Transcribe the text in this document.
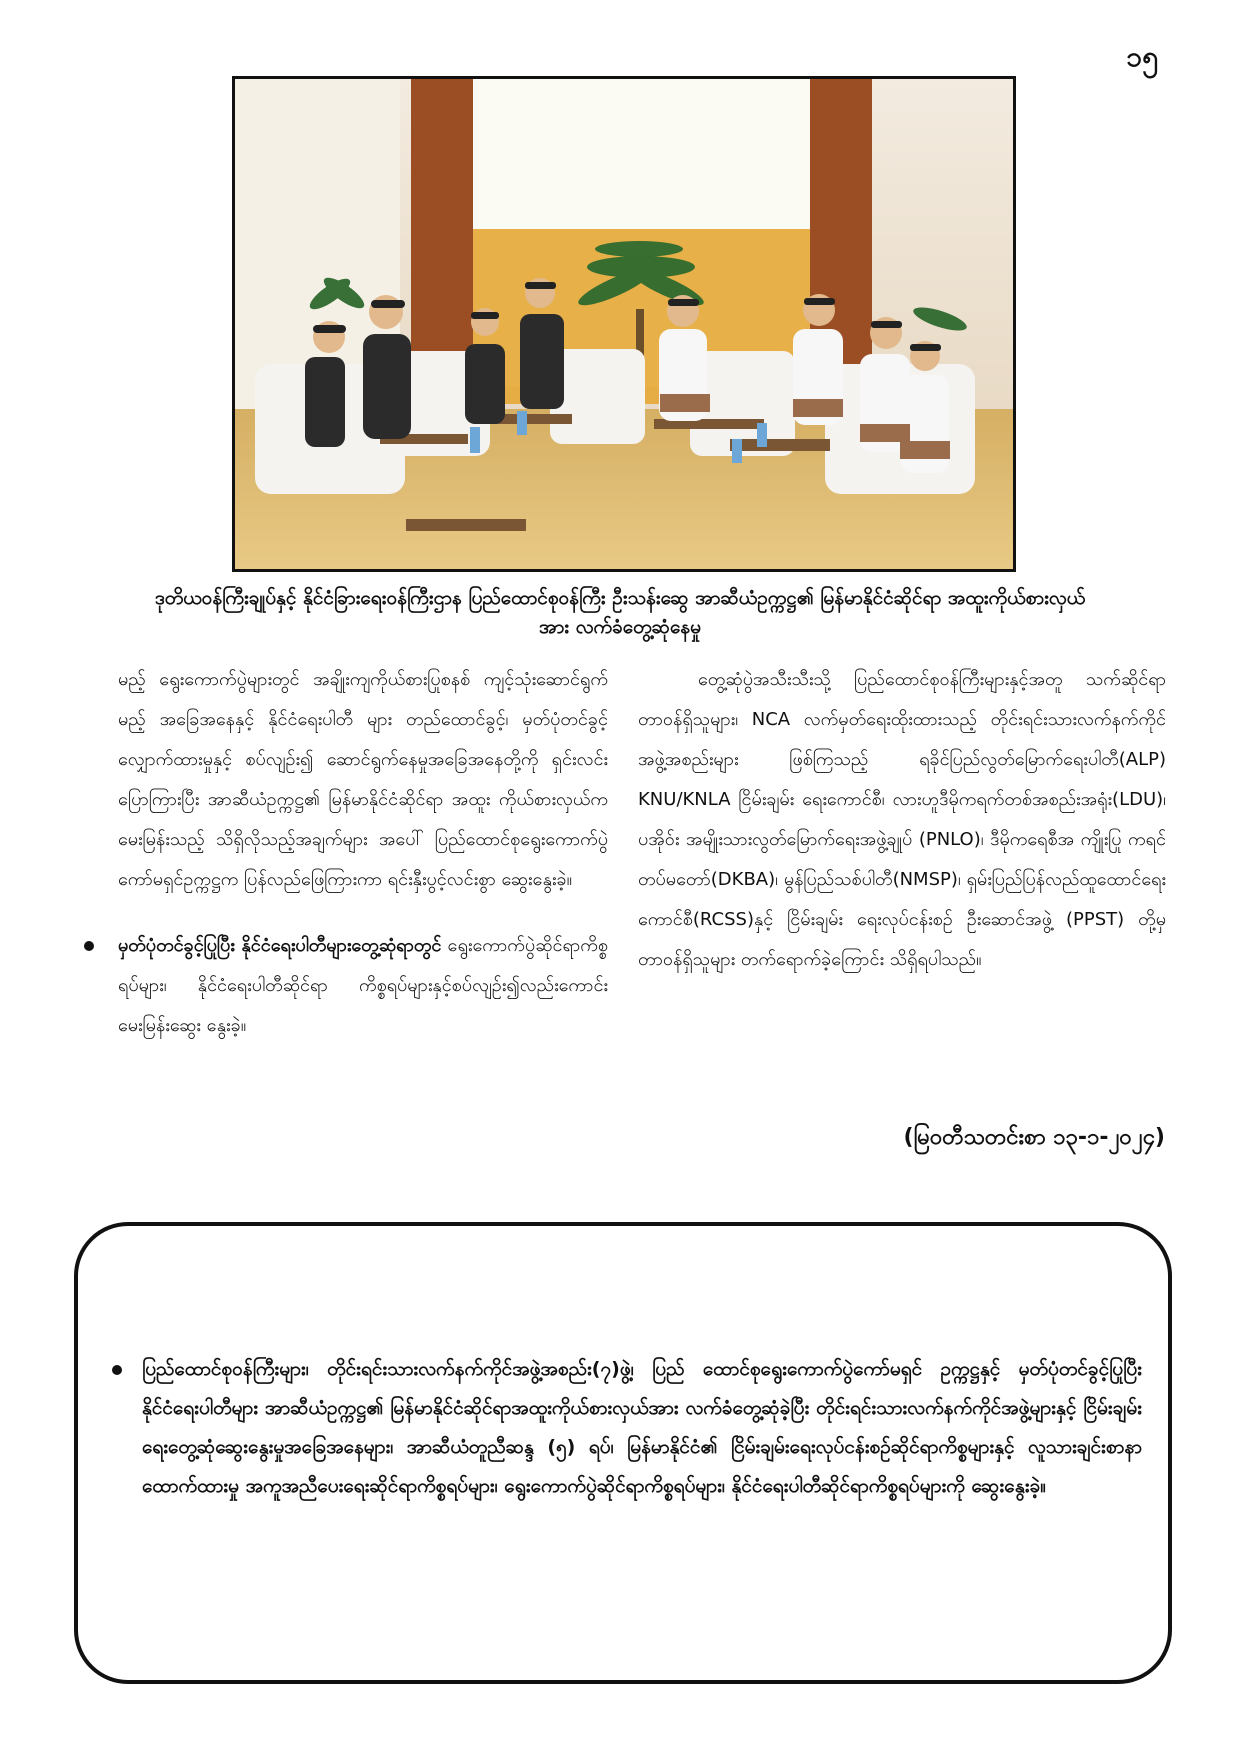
၁၅
ဒုတိယဝန်ကြီးချုပ်နှင့် နိုင်ငံခြားရေးဝန်ကြီးဌာန ပြည်ထောင်စုဝန်ကြီး ဦးသန်းဆွေ အာဆီယံဥက္ကဋ္ဌ၏ မြန်မာနိုင်ငံဆိုင်ရာ အထူးကိုယ်စားလှယ်အား လက်ခံတွေ့ဆုံနေမှု

မည့် ရွေးကောက်ပွဲများတွင် အချိုးကျကိုယ်စားပြုစနစ် ကျင့်သုံးဆောင်ရွက်မည့် အခြေအနေနှင့် နိုင်ငံရေးပါတီ များ တည်ထောင်ခွင့်၊ မှတ်ပုံတင်ခွင့်လျှောက်ထားမှုနှင့် စပ်လျဉ်း၍ ဆောင်ရွက်နေမှုအခြေအနေတို့ကို ရှင်းလင်း ပြောကြားပြီး အာဆီယံဥက္ကဋ္ဌ၏ မြန်မာနိုင်ငံဆိုင်ရာ အထူး ကိုယ်စားလှယ်က မေးမြန်းသည့် သိရှိလိုသည့်အချက်များ အပေါ် ပြည်ထောင်စုရွေးကောက်ပွဲကော်မရှင်ဥက္ကဋ္ဌက ပြန်လည်ဖြေကြားကာ ရင်းနှီးပွင့်လင်းစွာ ဆွေးနွေးခဲ့။

မှတ်ပုံတင်ခွင့်ပြုပြီး နိုင်ငံရေးပါတီများတွေ့ဆုံရာတွင် ရွေးကောက်ပွဲဆိုင်ရာကိစ္စရပ်များ၊ နိုင်ငံရေးပါတီဆိုင်ရာ ကိစ္စရပ်များနှင့်စပ်လျဉ်း၍လည်းကောင်း မေးမြန်းဆွေး နွေးခဲ့။

တွေ့ဆုံပွဲအသီးသီးသို့ ပြည်ထောင်စုဝန်ကြီးများနှင့်အတူ သက်ဆိုင်ရာတာဝန်ရှိသူများ၊ NCA လက်မှတ်ရေးထိုးထားသည့် တိုင်းရင်းသားလက်နက်ကိုင်အဖွဲ့အစည်းများ ဖြစ်ကြသည့် ရခိုင်ပြည်လွတ်မြောက်ရေးပါတီ(ALP) KNU/KNLA ငြိမ်းချမ်း ရေးကောင်စီ၊ လားဟူဒီမိုကရက်တစ်အစည်းအရုံး(LDU)၊ ပအိုဝ်း အမျိုးသားလွတ်မြောက်ရေးအဖွဲ့ချုပ် (PNLO)၊ ဒီမိုကရေစီအ ကျိုးပြု ကရင်တပ်မတော်(DKBA)၊ မွန်ပြည်သစ်ပါတီ(NMSP)၊ ရှမ်းပြည်ပြန်လည်ထူထောင်ရေးကောင်စီ(RCSS)နှင့် ငြိမ်းချမ်း ရေးလုပ်ငန်းစဉ် ဦးဆောင်အဖွဲ့ (PPST) တို့မှ တာဝန်ရှိသူများ တက်ရောက်ခဲ့ကြောင်း သိရှိရပါသည်။

(မြဝတီသတင်းစာ ၁၃-၁-၂၀၂၄)
ပြည်ထောင်စုဝန်ကြီးများ၊ တိုင်းရင်းသားလက်နက်ကိုင်အဖွဲ့အစည်း(၇)ဖွဲ့၊ ပြည် ထောင်စုရွေးကောက်ပွဲကော်မရှင် ဥက္ကဋ္ဌနှင့် မှတ်ပုံတင်ခွင့်ပြုပြီး နိုင်ငံရေးပါတီများ အာဆီယံဥက္ကဋ္ဌ၏ မြန်မာနိုင်ငံဆိုင်ရာအထူးကိုယ်စားလှယ်အား လက်ခံတွေ့ဆုံခဲ့ပြီး တိုင်းရင်းသားလက်နက်ကိုင်အဖွဲ့များနှင့် ငြိမ်းချမ်းရေးတွေ့ဆုံဆွေးနွေးမှုအခြေအနေများ၊ အာဆီယံတူညီဆန္ဒ (၅) ရပ်၊ မြန်မာနိုင်ငံ၏ ငြိမ်းချမ်းရေးလုပ်ငန်းစဉ်ဆိုင်ရာကိစ္စများနှင့် လူသားချင်းစာနာထောက်ထားမှု အကူအညီပေးရေးဆိုင်ရာကိစ္စရပ်များ၊ ရွေးကောက်ပွဲဆိုင်ရာကိစ္စရပ်များ၊ နိုင်ငံရေးပါတီဆိုင်ရာကိစ္စရပ်များကို ဆွေးနွေးခဲ့။
